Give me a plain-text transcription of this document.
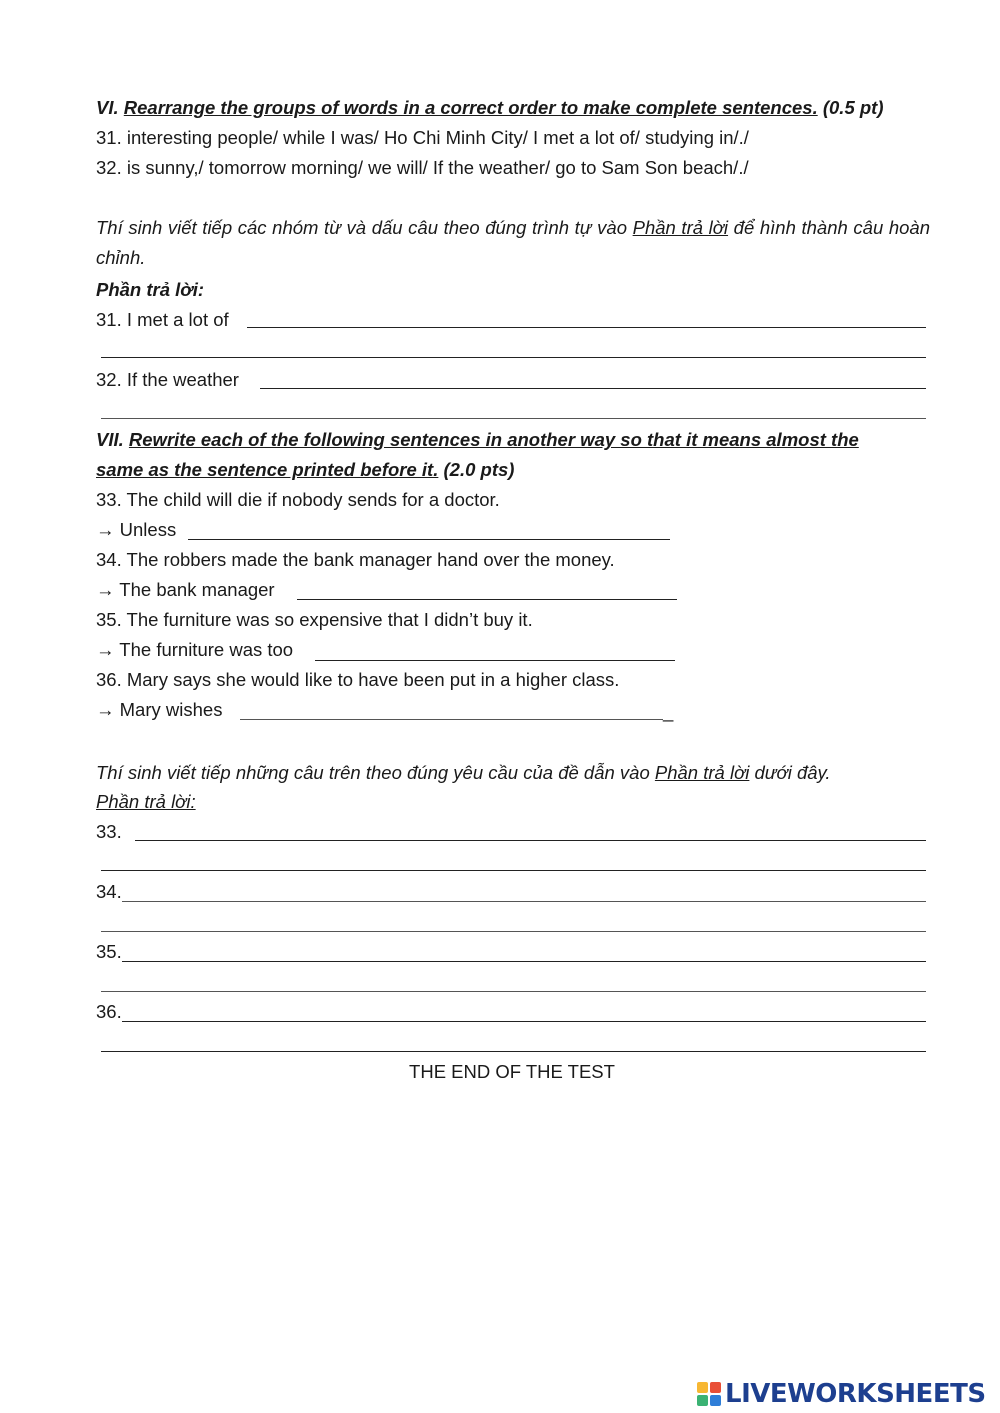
VI. Rearrange the groups of words in a correct order to make complete sentences. (0.5 pt)
31. interesting people/ while I was/ Ho Chi Minh City/ I met a lot of/ studying in/./
32. is sunny,/ tomorrow morning/ we will/ If the weather/ go to Sam Son beach/./
Thí sinh viết tiếp các nhóm từ và dấu câu theo đúng trình tự vào Phần trả lời để hình thành câu hoàn chỉnh.
Phần trả lời:
31. I met a lot of
32. If the weather
VII. Rewrite each of the following sentences in another way so that it means almost the
same as the sentence printed before it. (2.0 pts)
33. The child will die if nobody sends for a doctor.
→ Unless
34. The robbers made the bank manager hand over the money.
→ The bank manager
35. The furniture was so expensive that I didn’t buy it.
→ The furniture was too
36. Mary says she would like to have been put in a higher class.
→ Mary wishes	_
Thí sinh viết tiếp những câu trên theo đúng yêu cầu của đề dẫn vào Phần trả lời dưới đây.
Phần trả lời:
33.
34.
35.
36.
THE END OF THE TEST
LIVEWORKSHEETS
